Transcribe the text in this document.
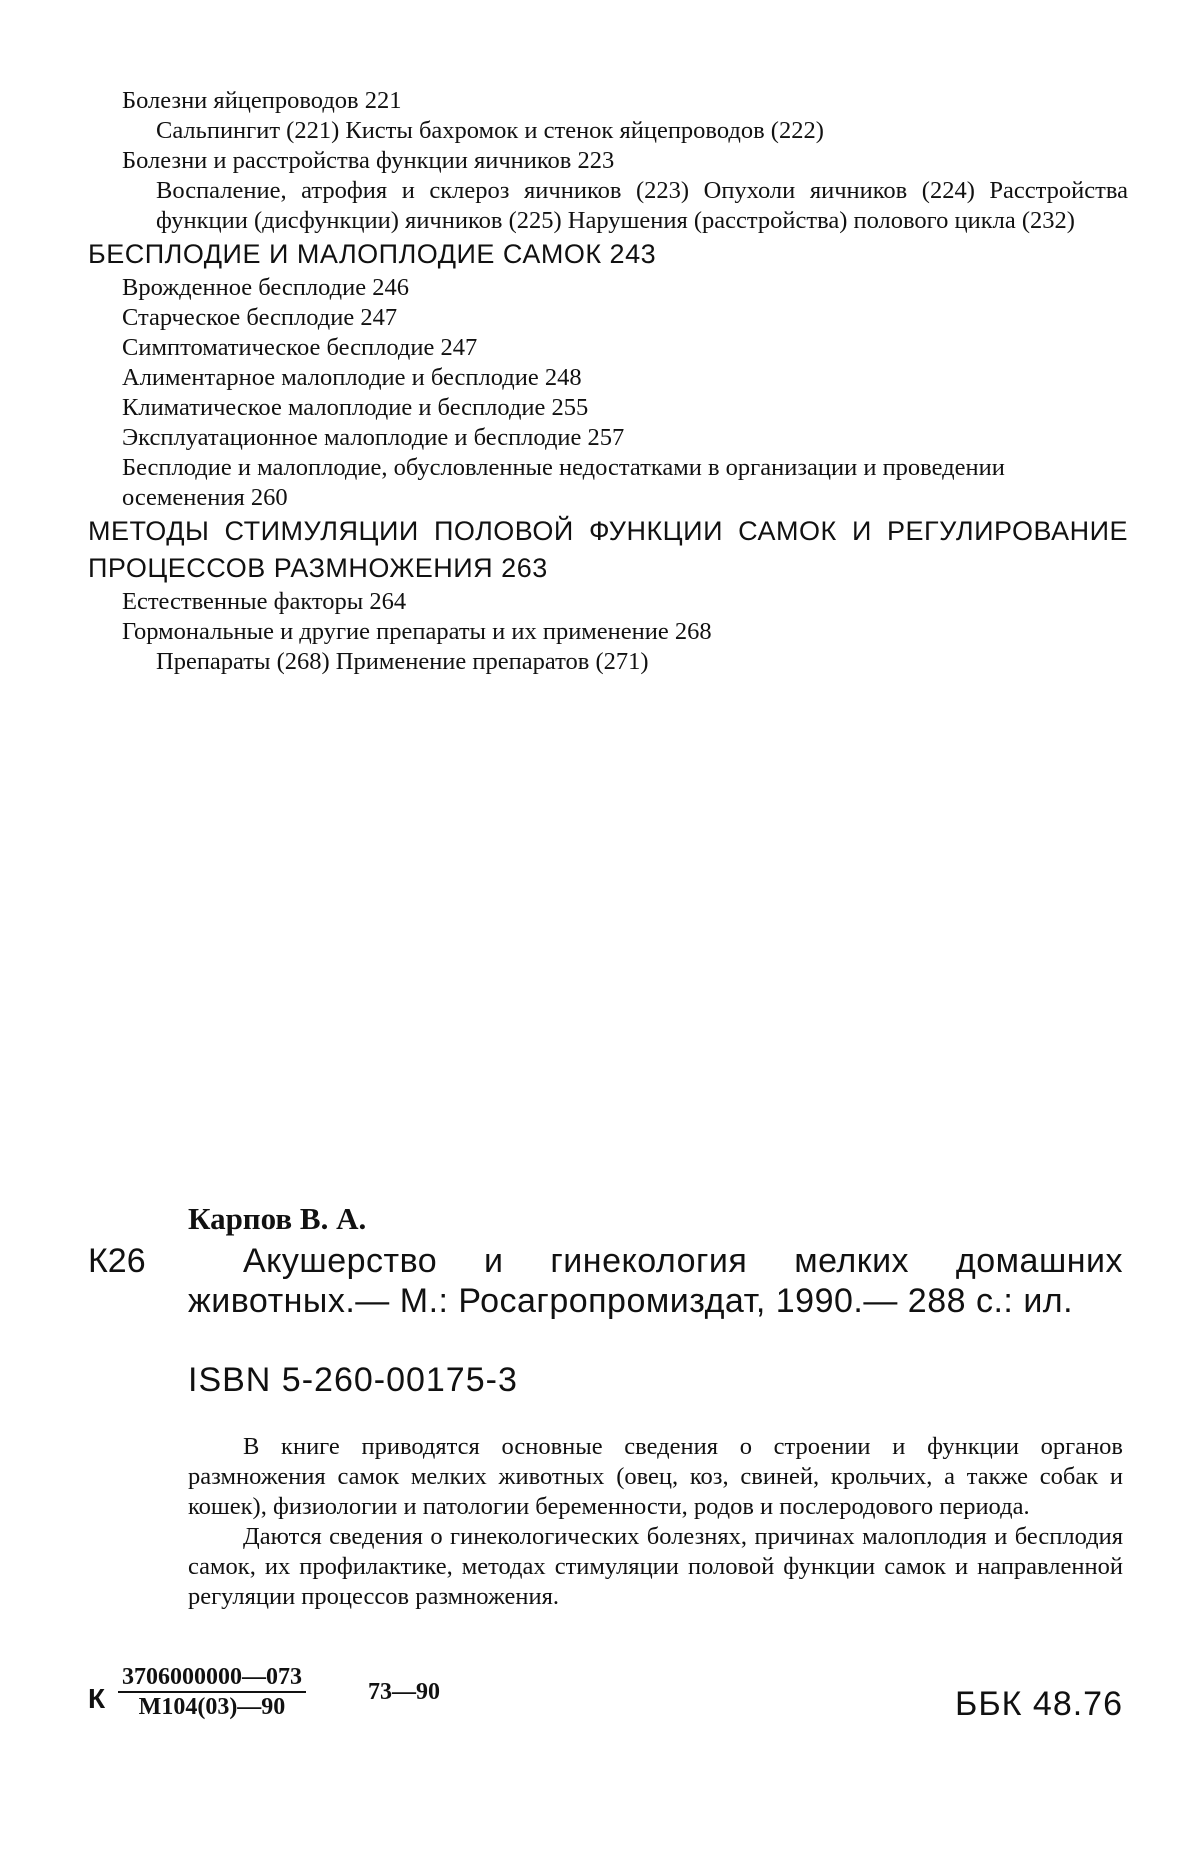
Болезни яйцепроводов 221
Сальпингит (221) Кисты бахромок и стенок яйцепроводов (222)
Болезни и расстройства функции яичников 223
Воспаление, атрофия и склероз яичников (223) Опухоли яичников (224) Расстройства функции (дисфункции) яичников (225) Нарушения (расстройства) полового цикла (232)
БЕСПЛОДИЕ И МАЛОПЛОДИЕ САМОК 243
Врожденное бесплодие 246
Старческое бесплодие 247
Симптоматическое бесплодие 247
Алиментарное малоплодие и бесплодие 248
Климатическое малоплодие и бесплодие 255
Эксплуатационное малоплодие и бесплодие 257
Бесплодие и малоплодие, обусловленные недостатками в организации и проведении осеменения 260
МЕТОДЫ СТИМУЛЯЦИИ ПОЛОВОЙ ФУНКЦИИ САМОК И РЕГУЛИРОВАНИЕ ПРОЦЕССОВ РАЗМНОЖЕНИЯ 263
Естественные факторы 264
Гормональные и другие препараты и их применение 268
Препараты (268) Применение препаратов (271)
Карпов В. А.
К26	Акушерство и гинекология мелких домашних животных.— М.: Росагропромиздат, 1990.— 288 с.: ил.
ISBN 5-260-00175-3

В книге приводятся основные сведения о строении и функции органов размножения самок мелких животных (овец, коз, свиней, крольчих, а также собак и кошек), физиологии и патологии беременности, родов и послеродового периода.

Даются сведения о гинекологических болезнях, причинах малоплодия и бесплодия самок, их профилактике, методах стимуляции половой функции самок и направленной регуляции процессов размножения.

К
3706000000—073
М104(03)—90
73—90	ББК 48.76
